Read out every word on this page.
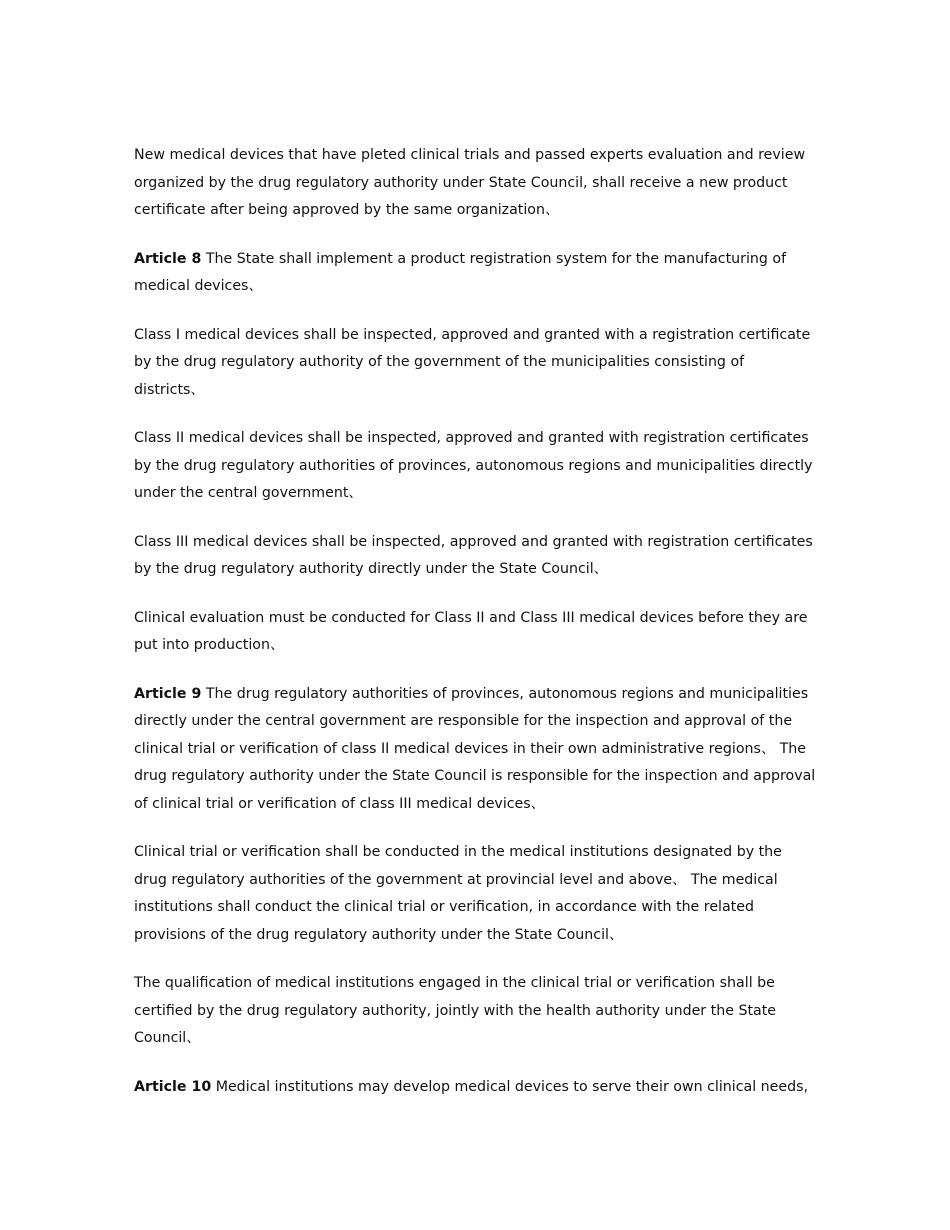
New medical devices that have pleted clinical trials and passed experts evaluation and review organized by the drug regulatory authority under State Council, shall receive a new product certificate after being approved by the same organization、

Article 8 The State shall implement a product registration system for the manufacturing of medical devices、

Class I medical devices shall be inspected, approved and granted with a registration certificate by the drug regulatory authority of the government of the municipalities consisting of districts、

Class II medical devices shall be inspected, approved and granted with registration certificates by the drug regulatory authorities of provinces, autonomous regions and municipalities directly under the central government、

Class III medical devices shall be inspected, approved and granted with registration certificates by the drug regulatory authority directly under the State Council、

Clinical evaluation must be conducted for Class II and Class III medical devices before they are put into production、

Article 9 The drug regulatory authorities of provinces, autonomous regions and municipalities directly under the central government are responsible for the inspection and approval of the clinical trial or verification of class II medical devices in their own administrative regions、 The drug regulatory authority under the State Council is responsible for the inspection and approval of clinical trial or verification of class III medical devices、

Clinical trial or verification shall be conducted in the medical institutions designated by the drug regulatory authorities of the government at provincial level and above、 The medical institutions shall conduct the clinical trial or verification, in accordance with the related provisions of the drug regulatory authority under the State Council、

The qualification of medical institutions engaged in the clinical trial or verification shall be certified by the drug regulatory authority, jointly with the health authority under the State Council、

Article 10 Medical institutions may develop medical devices to serve their own clinical needs,
